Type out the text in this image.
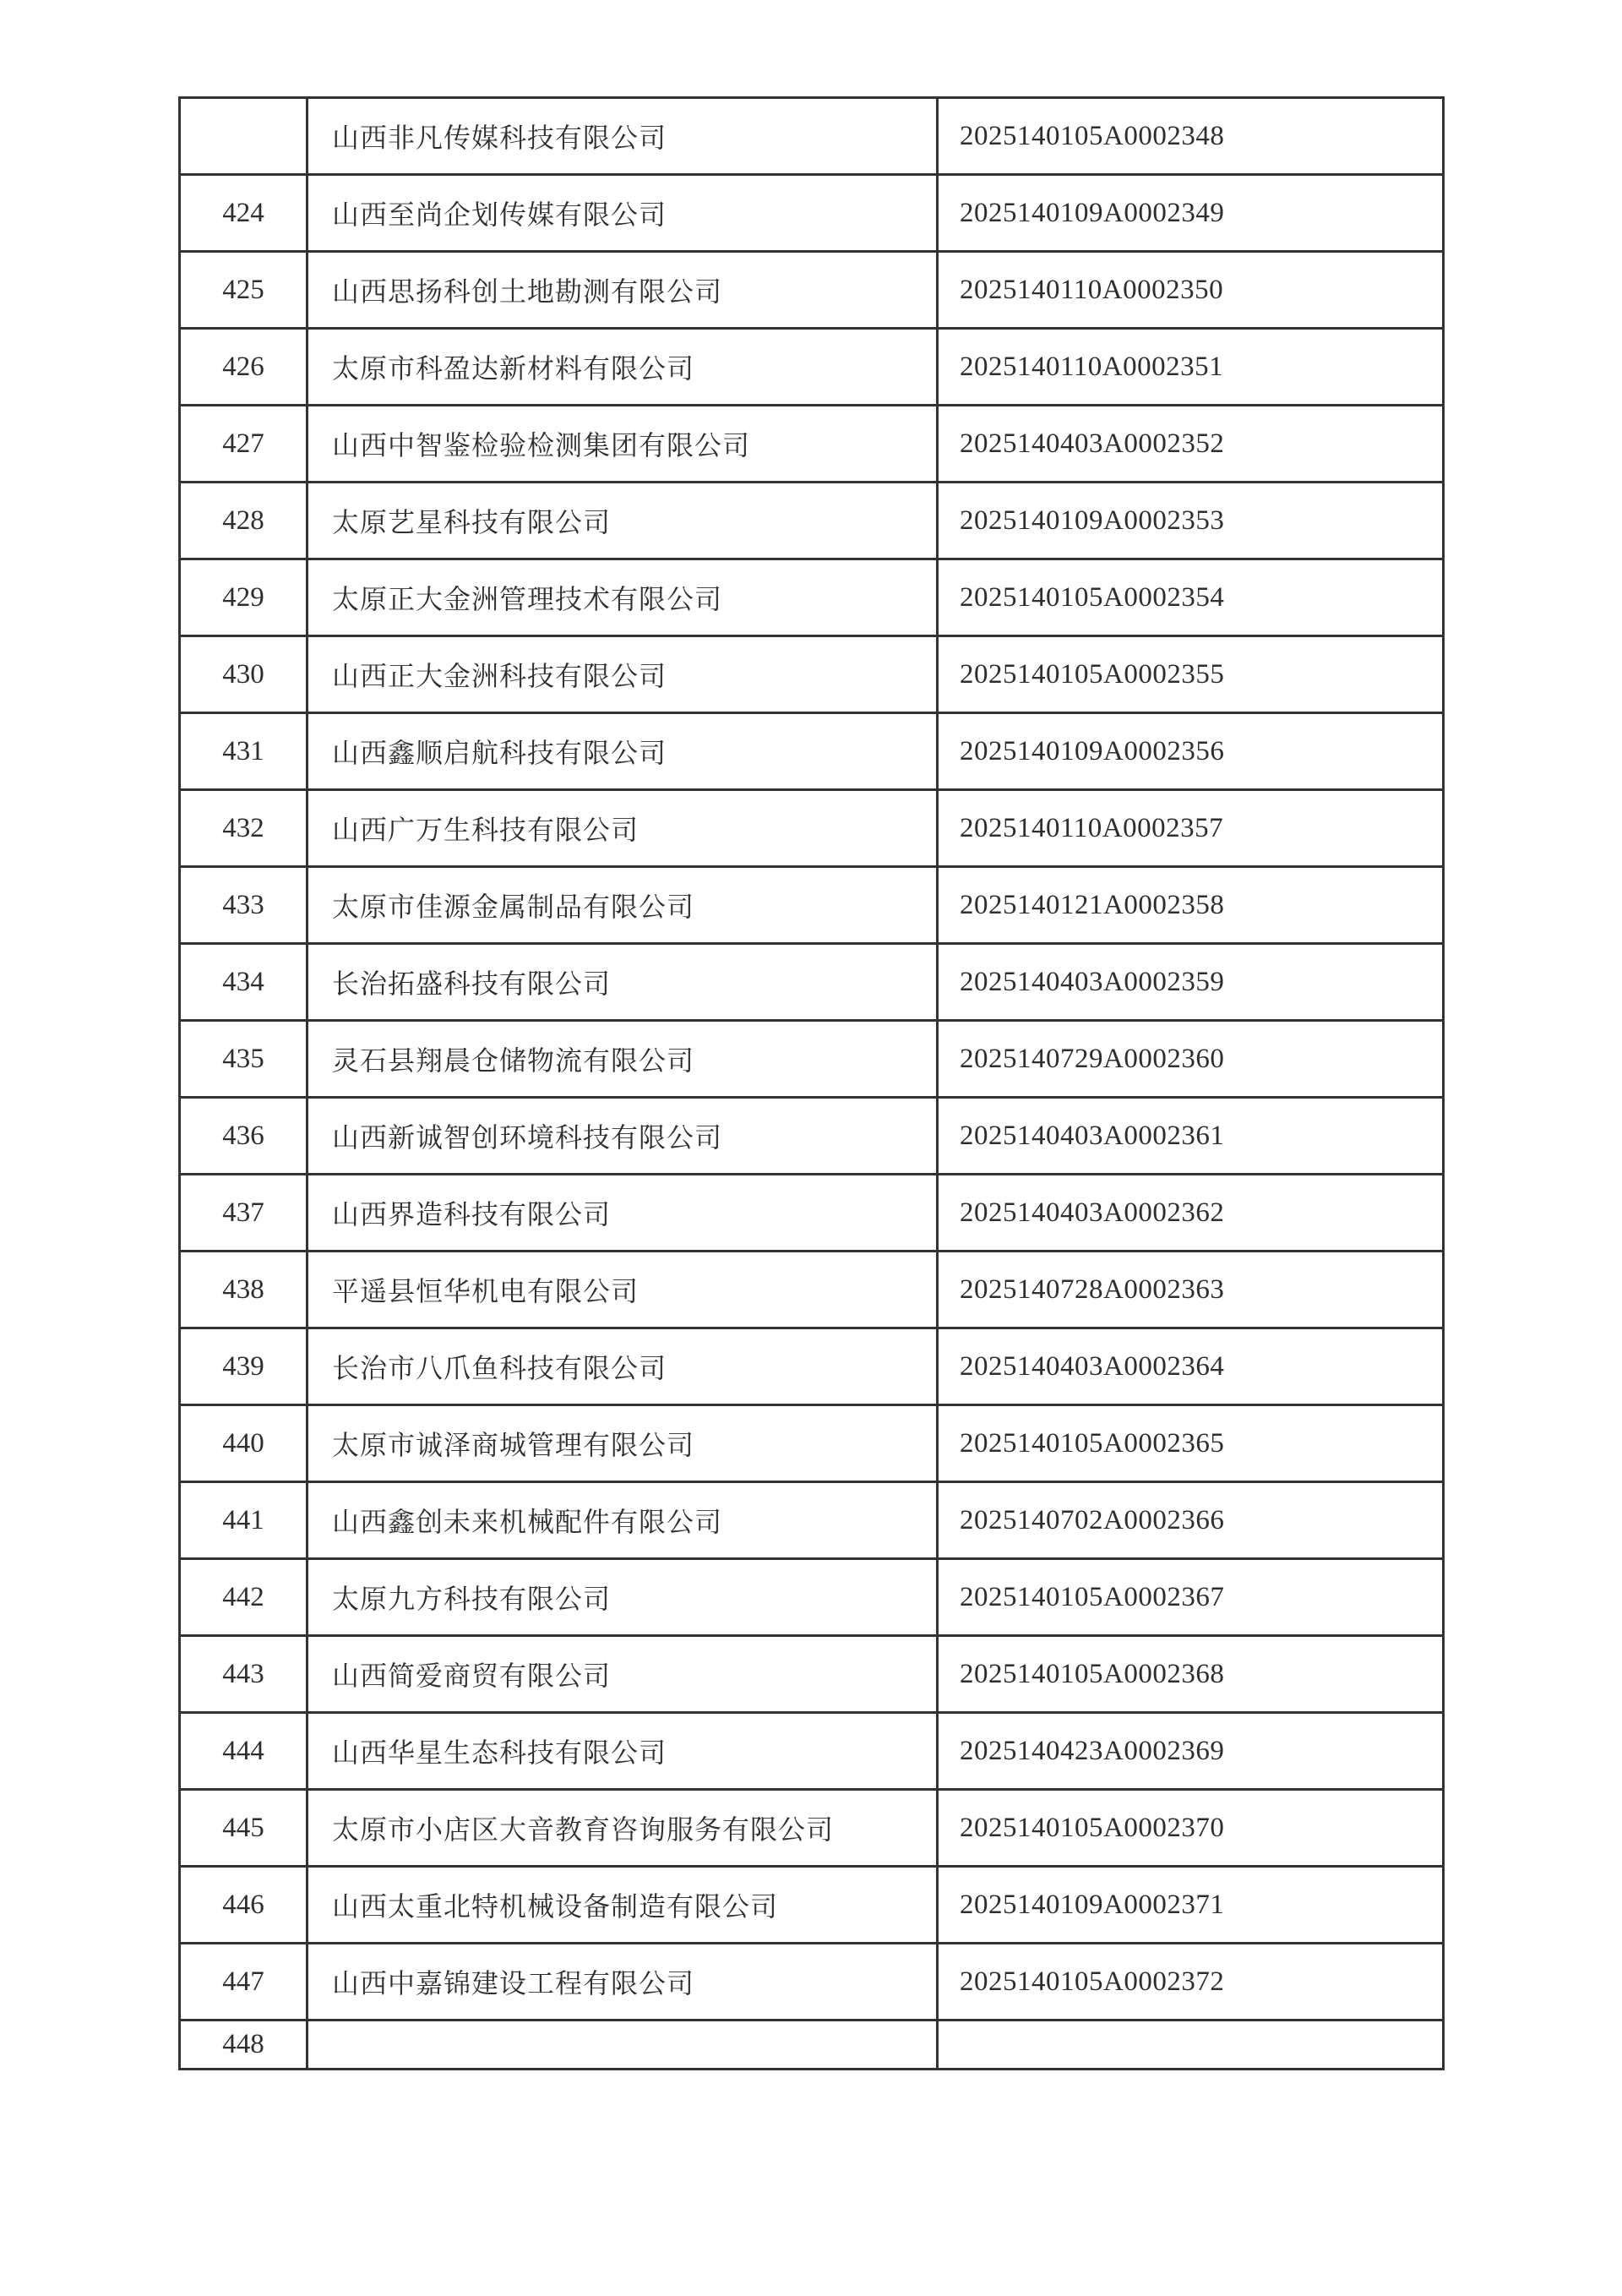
	山西非凡传媒科技有限公司	2025140105A0002348
424	山西至尚企划传媒有限公司	2025140109A0002349
425	山西思扬科创土地勘测有限公司	2025140110A0002350
426	太原市科盈达新材料有限公司	2025140110A0002351
427	山西中智鉴检验检测集团有限公司	2025140403A0002352
428	太原艺星科技有限公司	2025140109A0002353
429	太原正大金洲管理技术有限公司	2025140105A0002354
430	山西正大金洲科技有限公司	2025140105A0002355
431	山西鑫顺启航科技有限公司	2025140109A0002356
432	山西广万生科技有限公司	2025140110A0002357
433	太原市佳源金属制品有限公司	2025140121A0002358
434	长治拓盛科技有限公司	2025140403A0002359
435	灵石县翔晨仓储物流有限公司	2025140729A0002360
436	山西新诚智创环境科技有限公司	2025140403A0002361
437	山西界造科技有限公司	2025140403A0002362
438	平遥县恒华机电有限公司	2025140728A0002363
439	长治市八爪鱼科技有限公司	2025140403A0002364
440	太原市诚泽商城管理有限公司	2025140105A0002365
441	山西鑫创未来机械配件有限公司	2025140702A0002366
442	太原九方科技有限公司	2025140105A0002367
443	山西简爱商贸有限公司	2025140105A0002368
444	山西华星生态科技有限公司	2025140423A0002369
445	太原市小店区大音教育咨询服务有限公司	2025140105A0002370
446	山西太重北特机械设备制造有限公司	2025140109A0002371
447	山西中嘉锦建设工程有限公司	2025140105A0002372
448		
